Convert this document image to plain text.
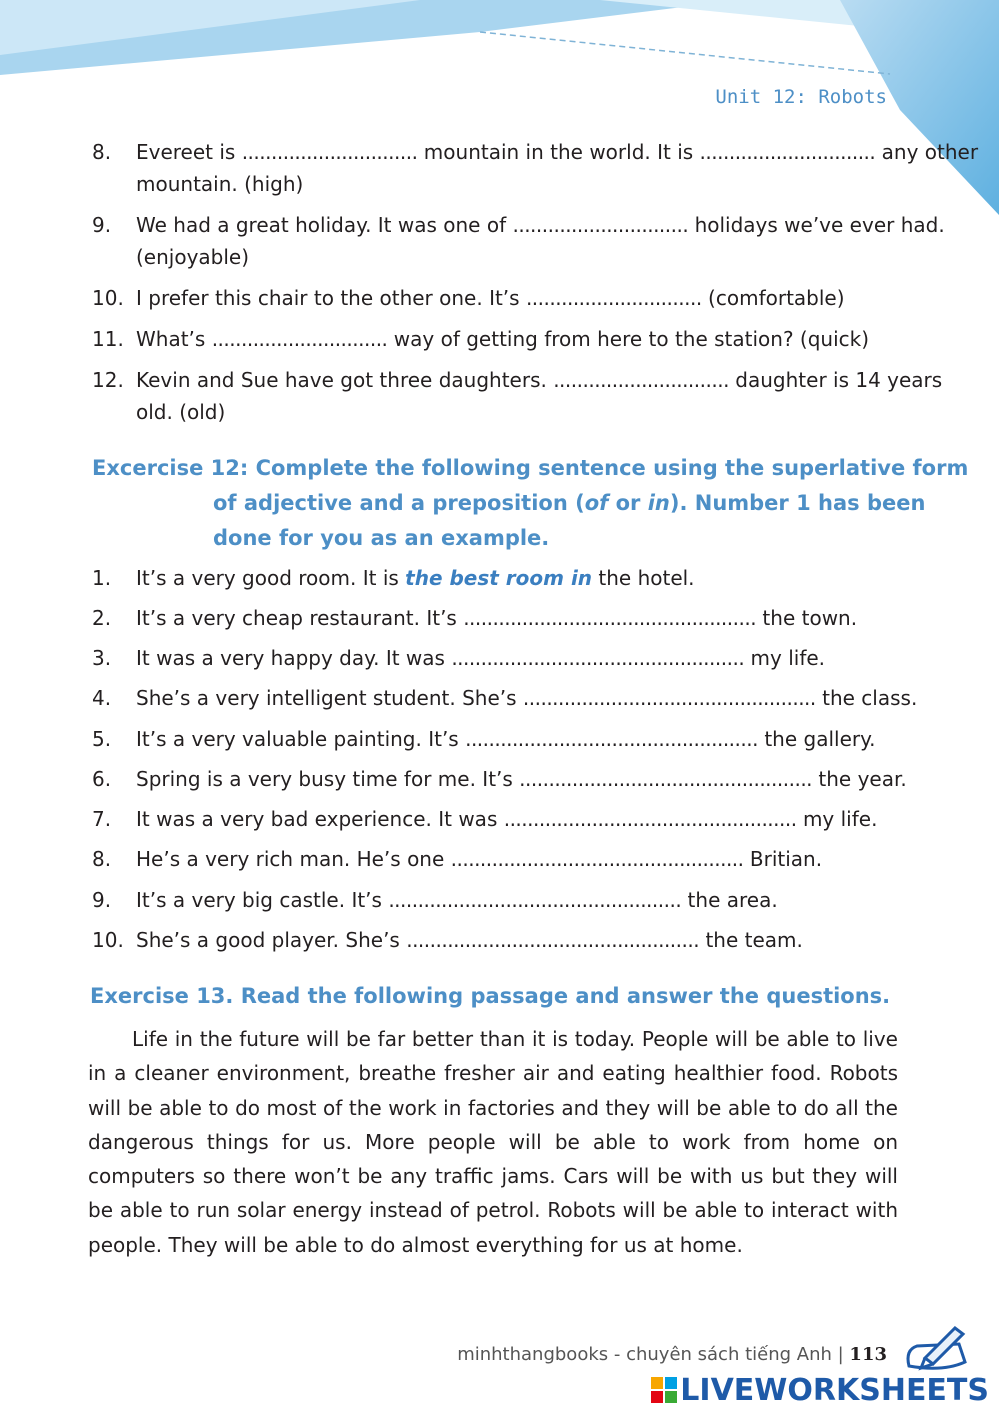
Unit 12: Robots
8. Evereet is .............................. mountain in the world. It is .............................. any other
mountain. (high)
9. We had a great holiday. It was one of .............................. holidays we’ve ever had.
(enjoyable)
10. I prefer this chair to the other one. It’s .............................. (comfortable)
11. What’s .............................. way of getting from here to the station? (quick)
12. Kevin and Sue have got three daughters. .............................. daughter is 14 years
old. (old)
Excercise 12: Complete the following sentence using the superlative form
of adjective and a preposition (of or in). Number 1 has been
done for you as an example.
1. It’s a very good room. It is the best room in the hotel.
2. It’s a very cheap restaurant. It’s .................................................. the town.
3. It was a very happy day. It was .................................................. my life.
4. She’s a very intelligent student. She’s .................................................. the class.
5. It’s a very valuable painting. It’s .................................................. the gallery.
6. Spring is a very busy time for me. It’s .................................................. the year.
7. It was a very bad experience. It was .................................................. my life.
8. He’s a very rich man. He’s one .................................................. Britian.
9. It’s a very big castle. It’s .................................................. the area.
10. She’s a good player. She’s .................................................. the team.
Exercise 13. Read the following passage and answer the questions.
Life in the future will be far better than it is today. People will be able to live in a cleaner environment, breathe fresher air and eating healthier food. Robots will be able to do most of the work in factories and they will be able to do all the dangerous things for us. More people will be able to work from home on computers so there won’t be any traffic jams. Cars will be with us but they will be able to run solar energy instead of petrol. Robots will be able to interact with people. They will be able to do almost everything for us at home.
minhthangbooks - chuyên sách tiếng Anh | 113
LIVEWORKSHEETS
